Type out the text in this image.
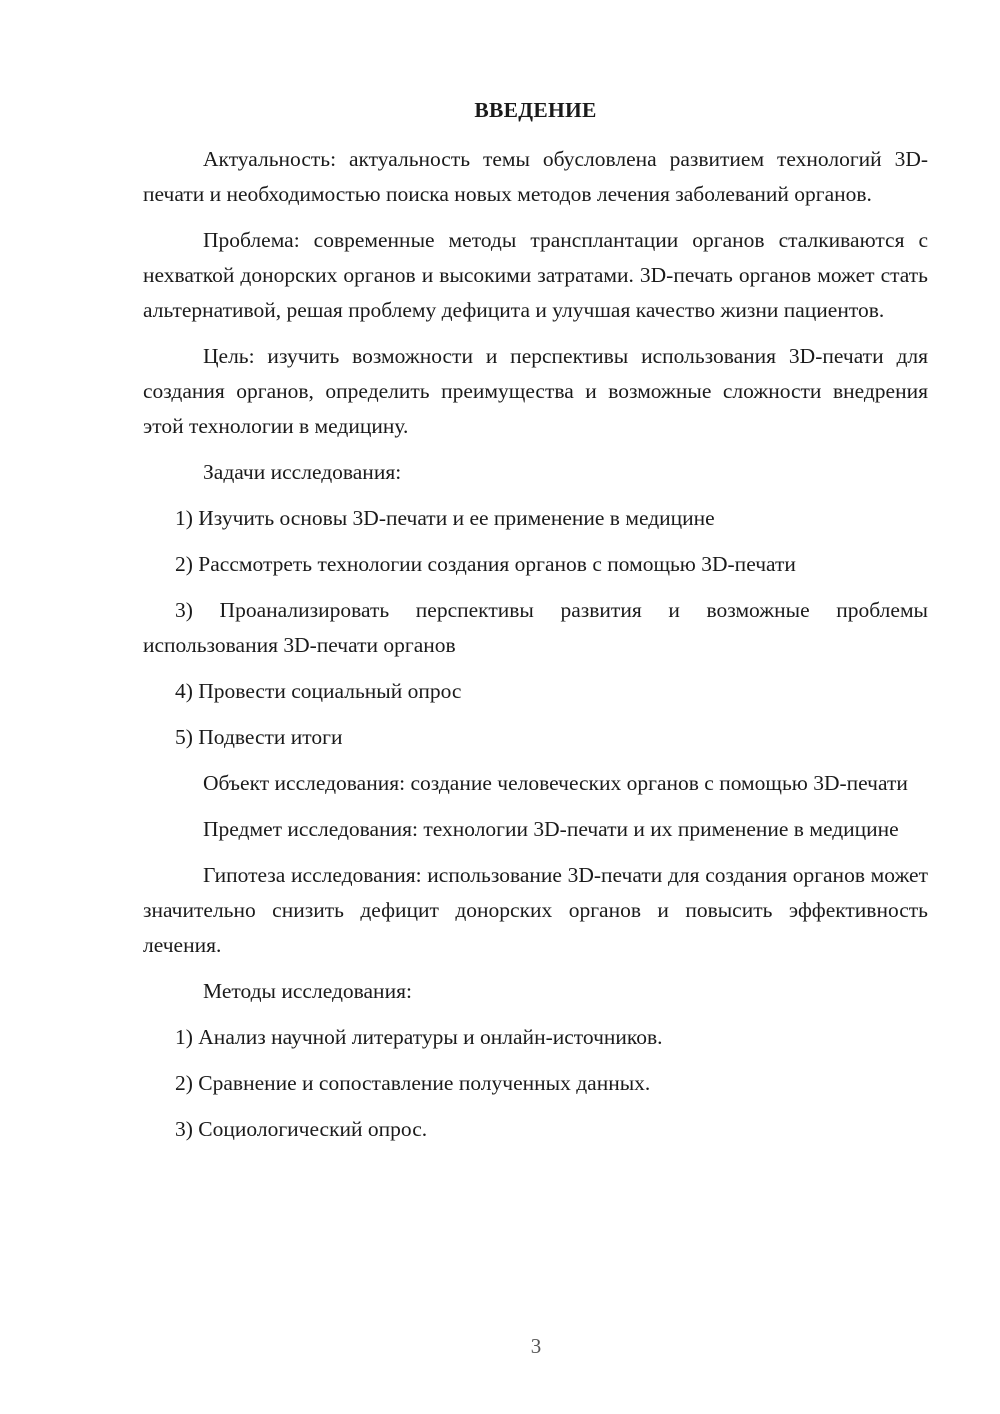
ВВЕДЕНИЕ

Актуальность: актуальность темы обусловлена развитием технологий 3D-печати и необходимостью поиска новых методов лечения заболеваний органов.

Проблема: современные методы трансплантации органов сталкиваются с нехваткой донорских органов и высокими затратами. 3D-печать органов может стать альтернативой, решая проблему дефицита и улучшая качество жизни пациентов.

Цель: изучить возможности и перспективы использования 3D-печати для создания органов, определить преимущества и возможные сложности внедрения этой технологии в медицину.

Задачи исследования:

1) Изучить основы 3D-печати и ее применение в медицине

2) Рассмотреть технологии создания органов с помощью 3D-печати

3) Проанализировать перспективы развития и возможные проблемы использования 3D-печати органов

4) Провести социальный опрос

5) Подвести итоги

Объект исследования: создание человеческих органов с помощью 3D-печати

Предмет исследования: технологии 3D-печати и их применение в медицине

Гипотеза исследования: использование 3D-печати для создания органов может значительно снизить дефицит донорских органов и повысить эффективность лечения.

Методы исследования:

1) Анализ научной литературы и онлайн-источников.

2) Сравнение и сопоставление полученных данных.

3) Социологический опрос.

3
